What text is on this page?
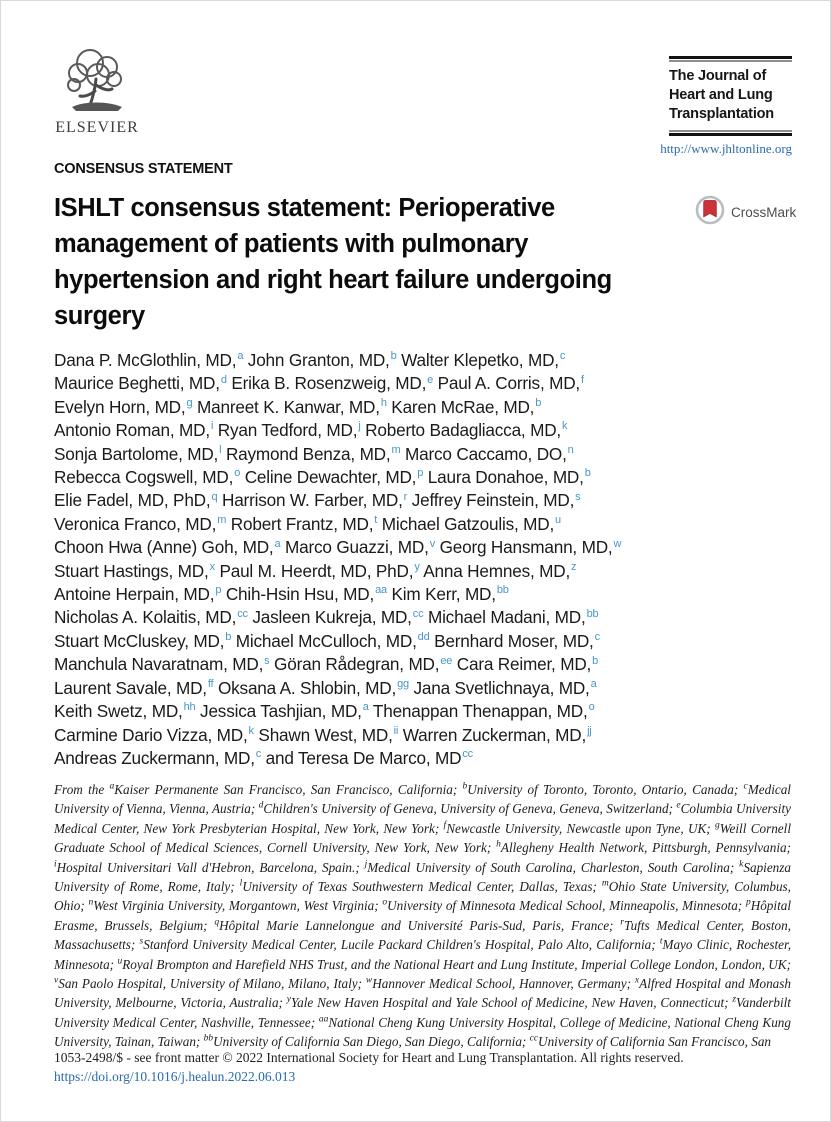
ELSEVIER
The Journal of
Heart and Lung
Transplantation
http://www.jhltonline.org
CONSENSUS STATEMENT
ISHLT consensus statement: Perioperative
management of patients with pulmonary
hypertension and right heart failure undergoing
surgery
CrossMark
Dana P. McGlothlin, MD,$^a$ John Granton, MD,$^b$ Walter Klepetko, MD,$^c$
Maurice Beghetti, MD,$^d$ Erika B. Rosenzweig, MD,$^e$ Paul A. Corris, MD,$^f$
Evelyn Horn, MD,$^g$ Manreet K. Kanwar, MD,$^h$ Karen McRae, MD,$^b$
Antonio Roman, MD,$^i$ Ryan Tedford, MD,$^j$ Roberto Badagliacca, MD,$^k$
Sonja Bartolome, MD,$^l$ Raymond Benza, MD,$^m$ Marco Caccamo, DO,$^n$
Rebecca Cogswell, MD,$^o$ Celine Dewachter, MD,$^p$ Laura Donahoe, MD,$^b$
Elie Fadel, MD, PhD,$^q$ Harrison W. Farber, MD,$^r$ Jeffrey Feinstein, MD,$^s$
Veronica Franco, MD,$^m$ Robert Frantz, MD,$^t$ Michael Gatzoulis, MD,$^u$
Choon Hwa (Anne) Goh, MD,$^a$ Marco Guazzi, MD,$^v$ Georg Hansmann, MD,$^w$
Stuart Hastings, MD,$^x$ Paul M. Heerdt, MD, PhD,$^y$ Anna Hemnes, MD,$^z$
Antoine Herpain, MD,$^p$ Chih-Hsin Hsu, MD,$^{aa}$ Kim Kerr, MD,$^{bb}$
Nicholas A. Kolaitis, MD,$^{cc}$ Jasleen Kukreja, MD,$^{cc}$ Michael Madani, MD,$^{bb}$
Stuart McCluskey, MD,$^b$ Michael McCulloch, MD,$^{dd}$ Bernhard Moser, MD,$^c$
Manchula Navaratnam, MD,$^s$ Göran Rådegran, MD,$^{ee}$ Cara Reimer, MD,$^b$
Laurent Savale, MD,$^{ff}$ Oksana A. Shlobin, MD,$^{gg}$ Jana Svetlichnaya, MD,$^a$
Keith Swetz, MD,$^{hh}$ Jessica Tashjian, MD,$^a$ Thenappan Thenappan, MD,$^o$
Carmine Dario Vizza, MD,$^k$ Shawn West, MD,$^{ii}$ Warren Zuckerman, MD,$^{jj}$
Andreas Zuckermann, MD,$^c$ and Teresa De Marco, $MD^{cc}$

From the $^a$Kaiser Permanente San Francisco, San Francisco, California; $^b$University of Toronto, Toronto, Ontario, Canada; $^c$Medical University of Vienna, Vienna, Austria; $^d$Children's University of Geneva, University of Geneva, Geneva, Switzerland; $^e$Columbia University Medical Center, New York Presbyterian Hospital, New York, New York; $^f$Newcastle University, Newcastle upon Tyne, UK; $^g$Weill Cornell Graduate School of Medical Sciences, Cornell University, New York, New York; $^h$Allegheny Health Network, Pittsburgh, Pennsylvania; $^i$Hospital Universitari Vall d'Hebron, Barcelona, Spain.; $^j$Medical University of South Carolina, Charleston, South Carolina; $^k$Sapienza University of Rome, Rome, Italy; $^l$University of Texas Southwestern Medical Center, Dallas, Texas; $^m$Ohio State University, Columbus, Ohio; $^n$West Virginia University, Morgantown, West Virginia; $^o$University of Minnesota Medical School, Minneapolis, Minnesota; $^p$Hôpital Erasme, Brussels, Belgium; $^q$Hôpital Marie Lannelongue and Université Paris-Sud, Paris, France; $^r$Tufts Medical Center, Boston, Massachusetts; $^s$Stanford University Medical Center, Lucile Packard Children's Hospital, Palo Alto, California; $^t$Mayo Clinic, Rochester, Minnesota; $^u$Royal Brompton and Harefield NHS Trust, and the National Heart and Lung Institute, Imperial College London, London, UK; $^v$San Paolo Hospital, University of Milano, Milano, Italy; $^w$Hannover Medical School, Hannover, Germany; $^x$Alfred Hospital and Monash University, Melbourne, Victoria, Australia; $^y$Yale New Haven Hospital and Yale School of Medicine, New Haven, Connecticut; $^z$Vanderbilt University Medical Center, Nashville, Tennessee; $^{aa}$National Cheng Kung University Hospital, College of Medicine, National Cheng Kung University, Tainan, Taiwan; $^{bb}$University of California San Diego, San Diego, California; $^{cc}$University of California San Francisco, San

1053-2498/$ - see front matter © 2022 International Society for Heart and Lung Transplantation. All rights reserved.
https://doi.org/10.1016/j.healun.2022.06.013
